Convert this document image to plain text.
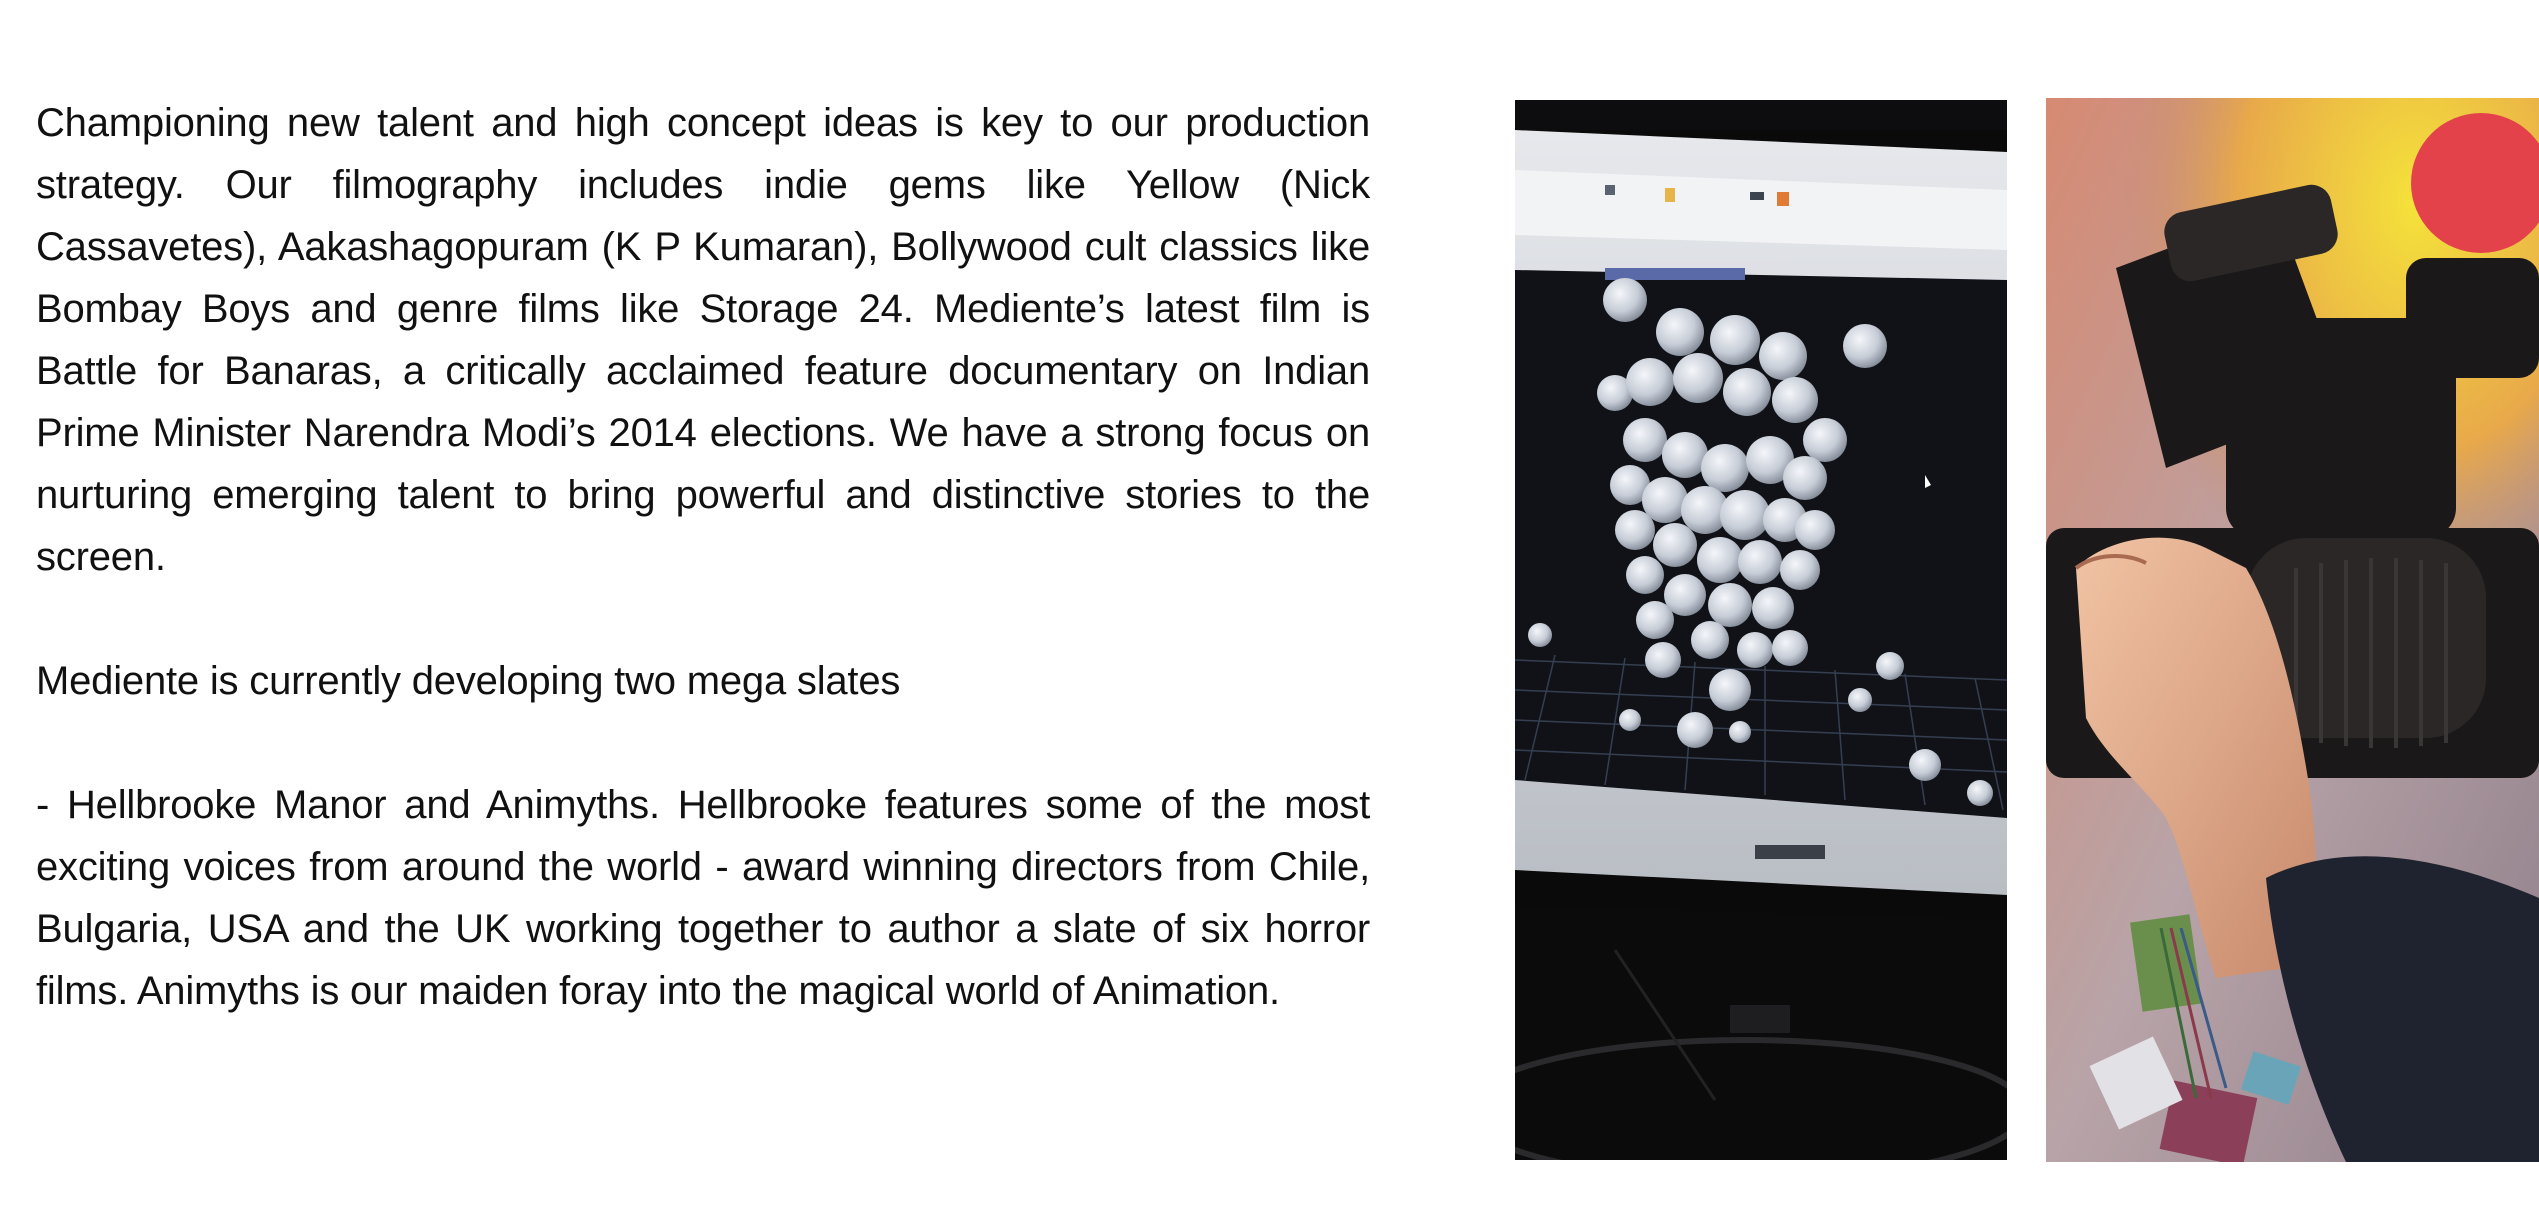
Championing new talent and high concept ideas is key to our production strategy. Our filmography includes indie gems like Yellow (Nick Cassavetes), Aakashagopuram (K P Kumaran), Bollywood cult classics like Bombay Boys and genre films like Storage 24. Mediente’s latest film is Battle for Banaras, a critically acclaimed feature documentary on Indian Prime Minister Narendra Modi’s 2014 elections. We have a strong focus on nurturing emerging talent to bring powerful and distinctive stories to the screen.

Mediente is currently developing two mega slates

- Hellbrooke Manor and Animyths. Hellbrooke features some of the most exciting voices from around the world - award winning directors from Chile, Bulgaria, USA and the UK working together to author a slate of six horror films. Animyths is our maiden foray into the magical world of Animation.
